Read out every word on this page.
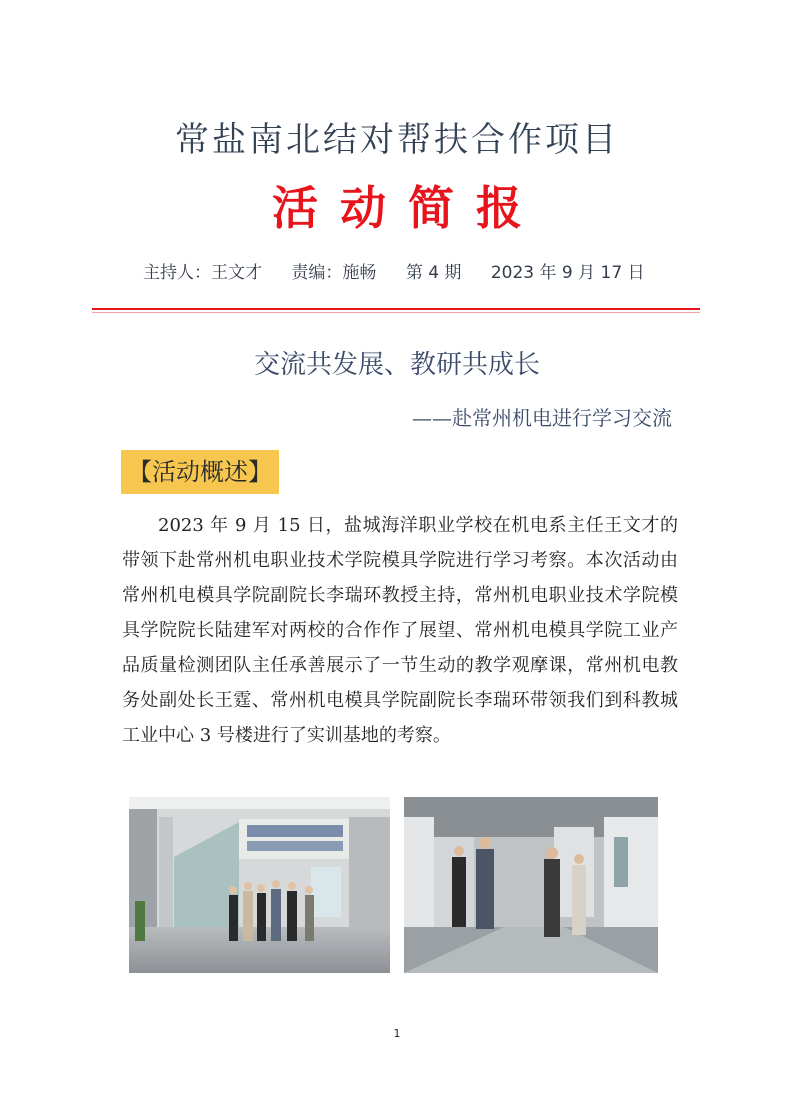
常盐南北结对帮扶合作项目
活动简报
主持人：王文才 责编：施畅 第 4 期 2023 年 9 月 17 日
交流共发展、教研共成长
——赴常州机电进行学习交流
【活动概述】
2023 年 9 月 15 日，盐城海洋职业学校在机电系主任王文才的带领下赴常州机电职业技术学院模具学院进行学习考察。本次活动由常州机电模具学院副院长李瑞环教授主持，常州机电职业技术学院模具学院院长陆建军对两校的合作作了展望、常州机电模具学院工业产品质量检测团队主任承善展示了一节生动的教学观摩课，常州机电教务处副处长王霆、常州机电模具学院副院长李瑞环带领我们到科教城工业中心 3 号楼进行了实训基地的考察。
1
